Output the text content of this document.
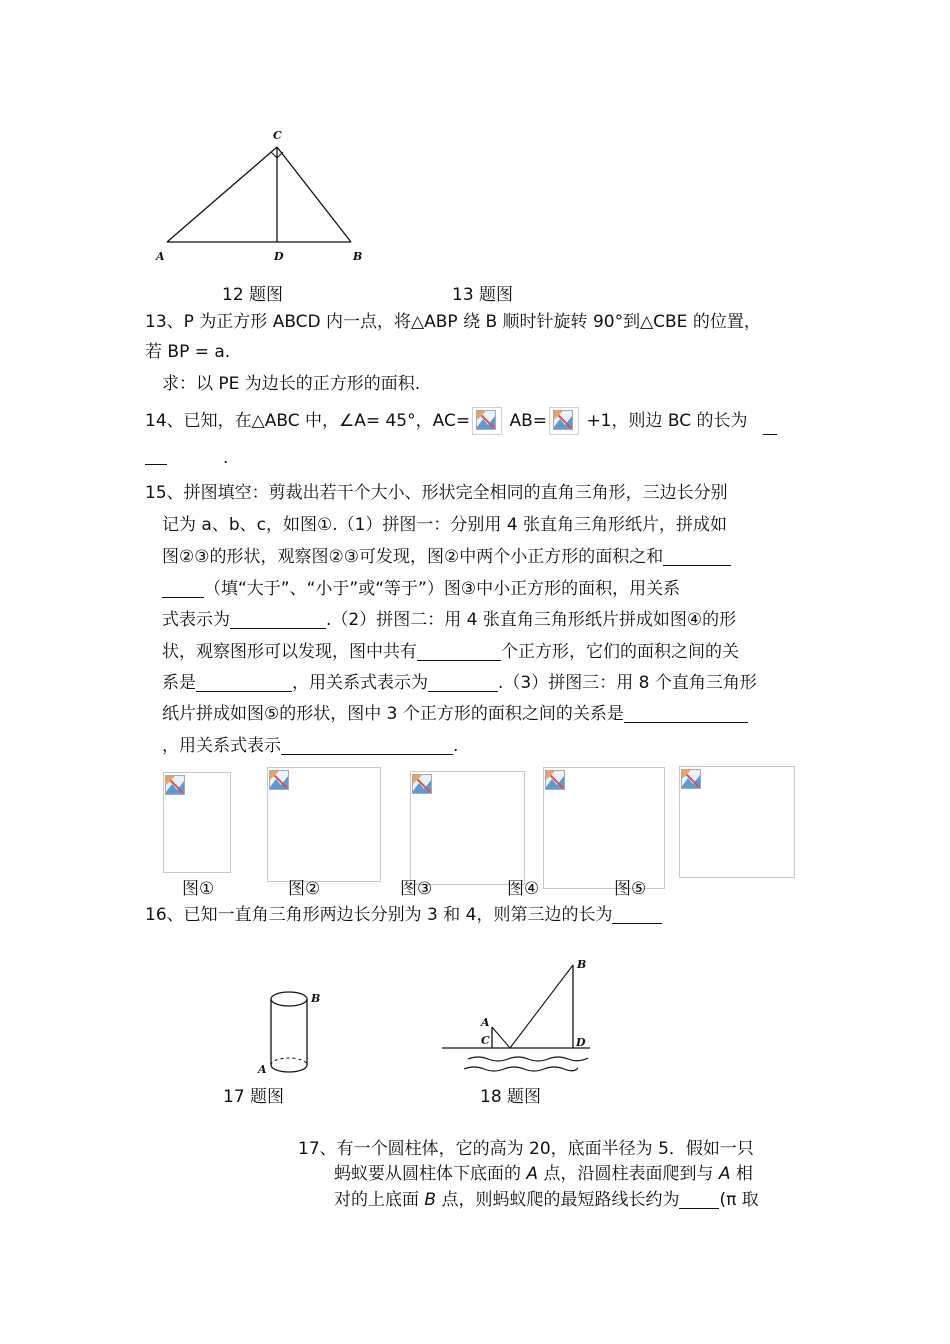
C
A	D	B
12 题图	13 题图
13、P 为正方形 ABCD 内一点，将△ABP 绕 B 顺时针旋转 90°到△CBE 的位置，
若 BP = a.
求：以 PE 为边长的正方形的面积.
14、已知，在△ABC 中，∠A= 45°，AC= AB= +1，则边 BC 的长为
.
15、拼图填空：剪裁出若干个大小、形状完全相同的直角三角形，三边长分别
记为 a、b、c，如图①.（1）拼图一：分别用 4 张直角三角形纸片，拼成如
图②③的形状，观察图②③可发现，图②中两个小正方形的面积之和
（填“大于”、“小于”或“等于”）图③中小正方形的面积，用关系
式表示为	.（2）拼图二：用 4 张直角三角形纸片拼成如图④的形
状，观察图形可以发现，图中共有	个正方形，它们的面积之间的关
系是	，用关系式表示为	.（3）拼图三：用 8 个直角三角形
纸片拼成如图⑤的形状，图中 3 个正方形的面积之间的关系是
，用关系式表示	.
图①	图②	图③	图④	图⑤
16、已知一直角三角形两边长分别为 3 和 4，则第三边的长为
B
A
B
A
C	D
17 题图	18 题图
17、有一个圆柱体，它的高为 20，底面半径为 5．假如一只
蚂蚁要从圆柱体下底面的 A 点，沿圆柱表面爬到与 A 相
对的上底面 B 点，则蚂蚁爬的最短路线长约为 (π 取
